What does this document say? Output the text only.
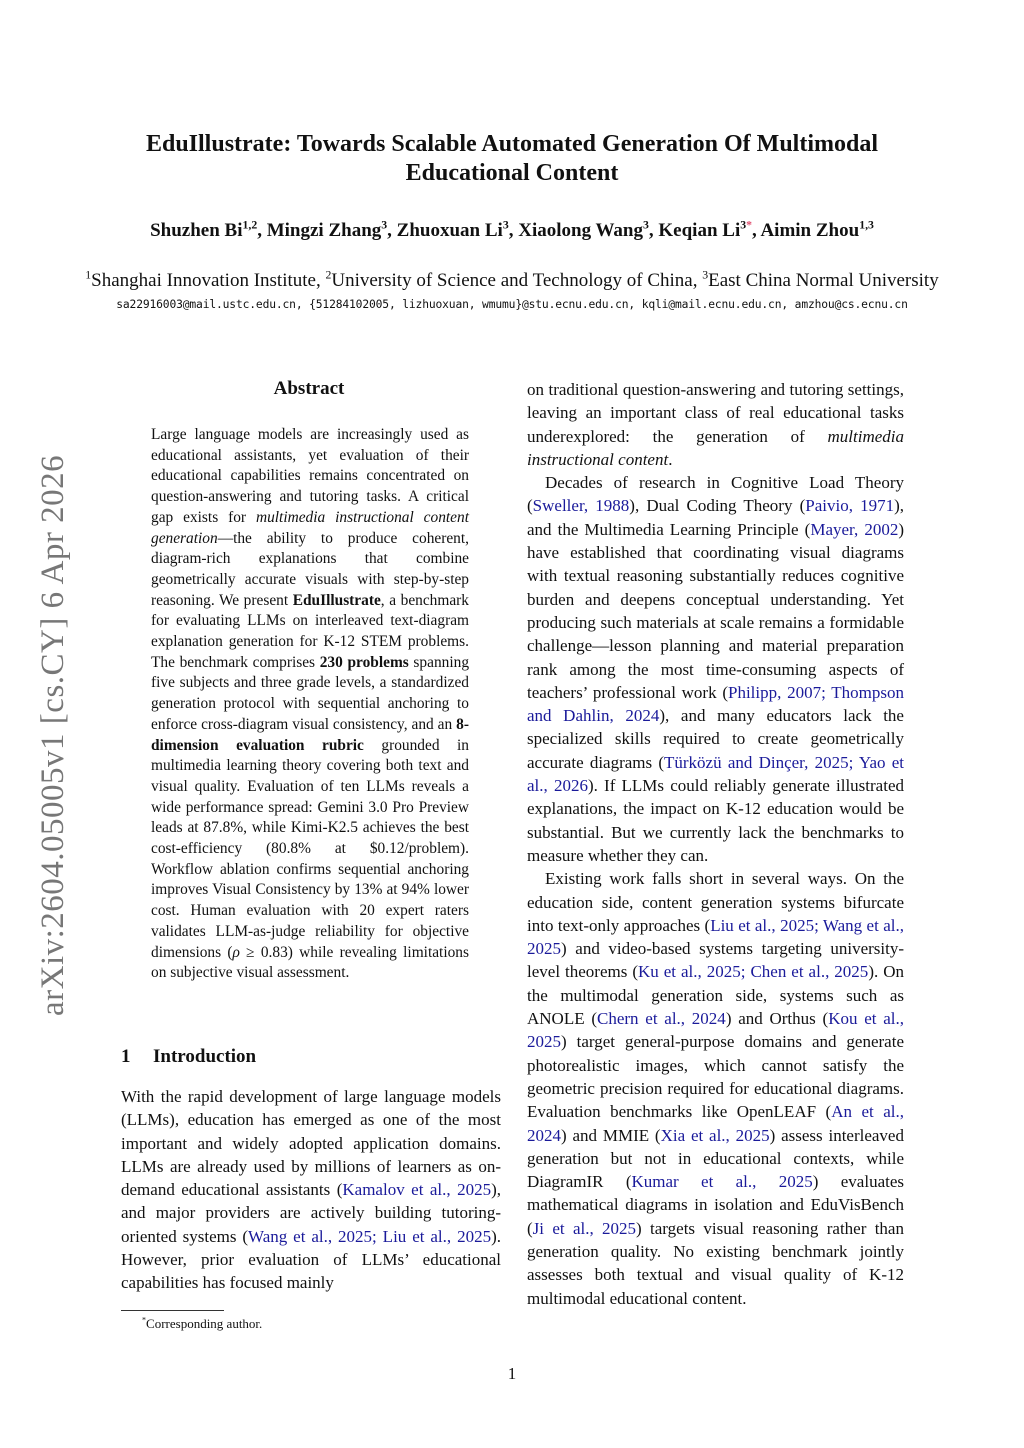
EduIllustrate: Towards Scalable Automated Generation Of Multimodal
Educational Content
Shuzhen Bi$^{1,2}$, Mingzi Zhang$^3$, Zhuoxuan Li$^3$, Xiaolong Wang$^3$, Keqian $Li^{3*}$, Aimin Zhou$^{1,3}$
$^1$Shanghai Innovation Institute, $^2$University of Science and Technology of China, $^3$East China Normal University
sa22916003@mail.ustc.edu.cn, {51284102005, lizhuoxuan, wmumu}@stu.ecnu.edu.cn, kqli@mail.ecnu.edu.cn, amzhou@cs.ecnu.cn
arXiv:2604.05005v1 [cs.CY] 6 Apr 2026
Abstract
Large language models are increasingly used as educational assistants, yet evaluation of their educational capabilities remains concentrated on question-answering and tutoring tasks. A critical gap exists for multimedia instructional content generation—the ability to produce coherent, diagram-rich explanations that combine geometrically accurate visuals with step-by-step reasoning. We present EduIllustrate, a benchmark for evaluating LLMs on interleaved text-diagram explanation generation for K-12 STEM problems. The benchmark comprises 230 problems spanning five subjects and three grade levels, a standardized generation protocol with sequential anchoring to enforce cross-diagram visual consistency, and an 8-dimension evaluation rubric grounded in multimedia learning theory covering both text and visual quality. Evaluation of ten LLMs reveals a wide performance spread: Gemini 3.0 Pro Preview leads at 87.8%, while Kimi-K2.5 achieves the best cost-efficiency (80.8% at $0.12/problem). Workflow ablation confirms sequential anchoring improves Visual Consistency by 13% at 94% lower cost. Human evaluation with 20 expert raters validates LLM-as-judge reliability for objective dimensions (ρ ≥ 0.83) while revealing limitations on subjective visual assessment.
1 Introduction
With the rapid development of large language models (LLMs), education has emerged as one of the most important and widely adopted application domains. LLMs are already used by millions of learners as on-demand educational assistants (Kamalov et al., 2025), and major providers are actively building tutoring-oriented systems (Wang et al., 2025; Liu et al., 2025). However, prior evaluation of LLMs’ educational capabilities has focused mainly

on traditional question-answering and tutoring settings, leaving an important class of real educational tasks underexplored: the generation of multimedia instructional content.

Decades of research in Cognitive Load Theory (Sweller, 1988), Dual Coding Theory (Paivio, 1971), and the Multimedia Learning Principle (Mayer, 2002) have established that coordinating visual diagrams with textual reasoning substantially reduces cognitive burden and deepens conceptual understanding. Yet producing such materials at scale remains a formidable challenge—lesson planning and material preparation rank among the most time-consuming aspects of teachers’ professional work (Philipp, 2007; Thompson and Dahlin, 2024), and many educators lack the specialized skills required to create geometrically accurate diagrams (Türközü and Dinçer, 2025; Yao et al., 2026). If LLMs could reliably generate illustrated explanations, the impact on K-12 education would be substantial. But we currently lack the benchmarks to measure whether they can.

Existing work falls short in several ways. On the education side, content generation systems bifurcate into text-only approaches (Liu et al., 2025; Wang et al., 2025) and video-based systems targeting university-level theorems (Ku et al., 2025; Chen et al., 2025). On the multimodal generation side, systems such as ANOLE (Chern et al., 2024) and Orthus (Kou et al., 2025) target general-purpose domains and generate photorealistic images, which cannot satisfy the geometric precision required for educational diagrams. Evaluation benchmarks like OpenLEAF (An et al., 2024) and MMIE (Xia et al., 2025) assess interleaved generation but not in educational contexts, while DiagramIR (Kumar et al., 2025) evaluates mathematical diagrams in isolation and EduVisBench (Ji et al., 2025) targets visual reasoning rather than generation quality. No existing benchmark jointly assesses both textual and visual quality of K-12 multimodal educational content.

*Corresponding author.
1
